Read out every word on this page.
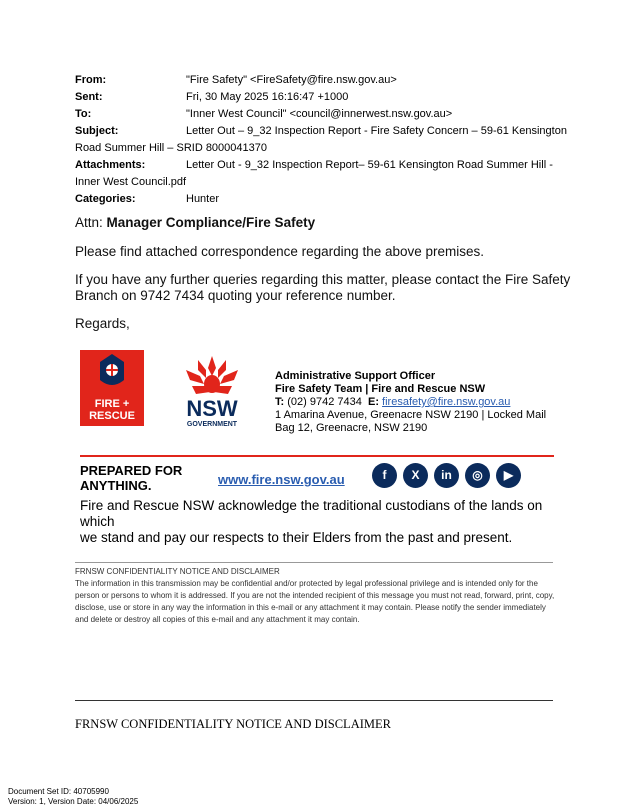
From:	"Fire Safety" <FireSafety@fire.nsw.gov.au>
Sent:	Fri, 30 May 2025 16:16:47 +1000
To:	"Inner West Council" <council@innerwest.nsw.gov.au>
Subject:	Letter Out – 9_32 Inspection Report - Fire Safety Concern – 59-61 Kensington
Road Summer Hill – SRID 8000041370
Attachments:	Letter Out - 9_32 Inspection Report– 59-61 Kensington Road Summer Hill -
Inner West Council.pdf
Categories:	Hunter
Attn: Manager Compliance/Fire Safety
Please find attached correspondence regarding the above premises.
If you have any further queries regarding this matter, please contact the Fire Safety
Branch on 9742 7434 quoting your reference number.
Regards,
FIRE +
RESCUE NSW
GOVERNMENT
Administrative Support Officer
Fire Safety Team | Fire and Rescue NSW
T: (02) 9742 7434 E: firesafety@fire.nsw.gov.au
1 Amarina Avenue, Greenacre NSW 2190 | Locked Mail
Bag 12, Greenacre, NSW 2190
PREPARED FOR
ANYTHING.	www.fire.nsw.gov.au	f	X	in	◎	▶
Fire and Rescue NSW acknowledge the traditional custodians of the lands on which
we stand and pay our respects to their Elders from the past and present.
FRNSW CONFIDENTIALITY NOTICE AND DISCLAIMER
The information in this transmission may be confidential and/or protected by legal professional privilege and is intended only for the person or persons to whom it is addressed. If you are not the intended recipient of this message you must not read, forward, print, copy, disclose, use or store in any way the information in this e-mail or any attachment it may contain. Please notify the sender immediately and delete or destroy all copies of this e-mail and any attachment it may contain.
FRNSW CONFIDENTIALITY NOTICE AND DISCLAIMER
Document Set ID: 40705990
Version: 1, Version Date: 04/06/2025
